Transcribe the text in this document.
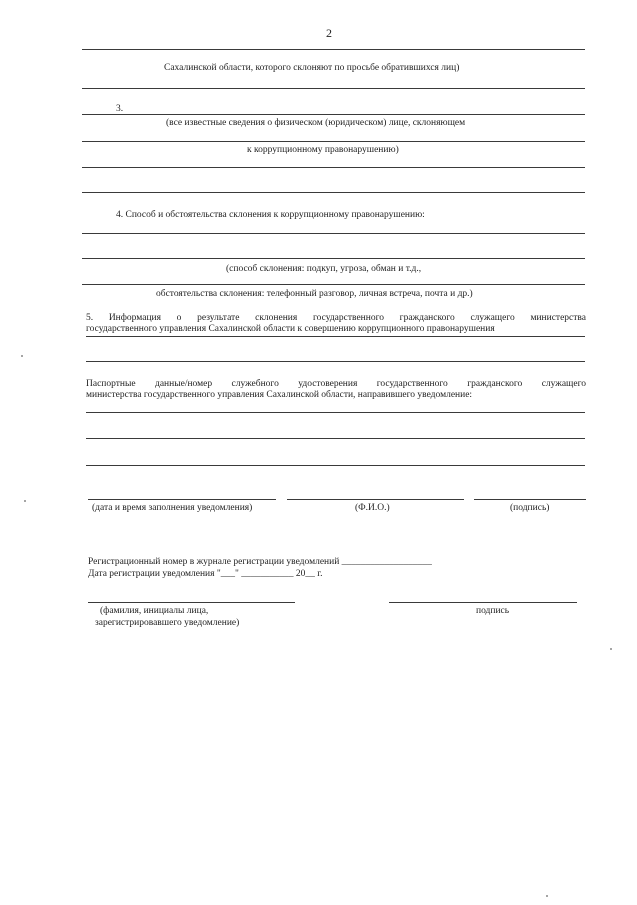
2
Сахалинской области, которого склоняют по просьбе обратившихся лиц)
3.
(все известные сведения о физическом (юридическом) лице, склоняющем
к коррупционному правонарушению)
4. Способ и обстоятельства склонения к коррупционному правонарушению:
(способ склонения: подкуп, угроза, обман и т.д.,
обстоятельства склонения: телефонный разговор, личная встреча, почта и др.)
5. Информация о результате склонения государственного гражданского служащего министерства
государственного управления Сахалинской области к совершению коррупционного правонарушения
Паспортные данные/номер служебного удостоверения государственного гражданского служащего
министерства государственного управления Сахалинской области, направившего уведомление:
(дата и время заполнения уведомления)	(Ф.И.О.)	(подпись)
Регистрационный номер в журнале регистрации уведомлений ___________________
Дата регистрации уведомления "___" ___________ 20__ г.
(фамилия, инициалы лица,	подпись
зарегистрировавшего уведомление)
